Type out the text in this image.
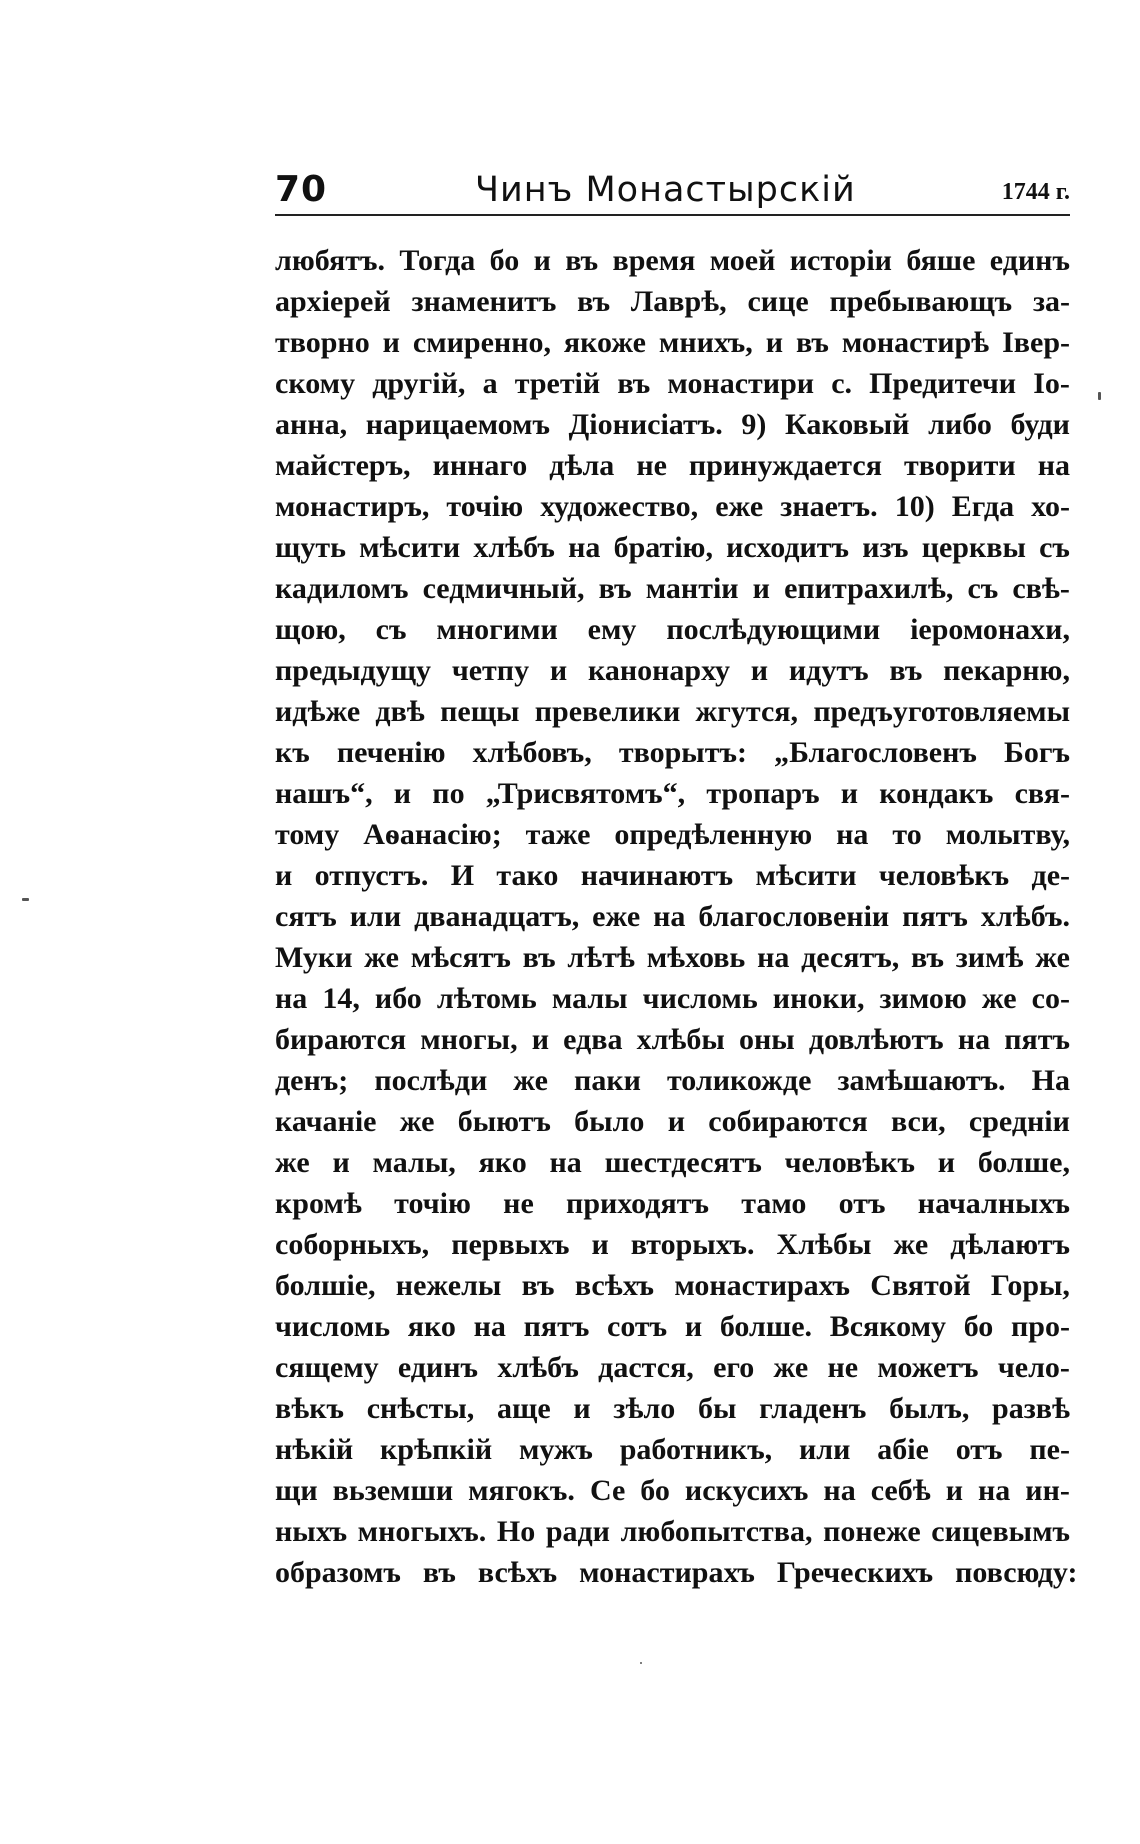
70	Чинъ Монастырскій	1744 г.
любятъ. Тогда бо и въ время моей исторіи бяше единъ
архіерей знаменитъ въ Лаврѣ, сице пребывающъ за-
творно и смиренно, якоже мнихъ, и въ монастирѣ Івер-
скому другій, а третій въ монастири с. Предитечи Іо-
анна, нарицаемомъ Діонисіатъ. 9) Каковый либо буди
майстеръ, иннаго дѣла не принуждается творити на
монастиръ, точію художество, еже знаетъ. 10) Егда хо-
щуть мѣсити хлѣбъ на братію, исходитъ изъ церквы съ
кадиломъ седмичный, въ мантіи и епитрахилѣ, съ свѣ-
щою, съ многими ему послѣдующими іеромонахи,
предыдущу четпу и канонарху и идутъ въ пекарню,
идѣже двѣ пещы превелики жгутся, предъуготовляемы
къ печенію хлѣбовъ, творытъ: „Благословенъ Богъ
нашъ“, и по „Трисвятомъ“, тропаръ и кондакъ свя-
тому Аѳанасію; таже опредѣленную на то молытву,
и отпустъ. И тако начинаютъ мѣсити человѣкъ де-
сятъ или дванадцатъ, еже на благословеніи пятъ хлѣбъ.
Муки же мѣсятъ въ лѣтѣ мѣховь на десятъ, въ зимѣ же
на 14, ибо лѣтомь малы числомь иноки, зимою же со-
бираются многы, и едва хлѣбы оны довлѣютъ на пятъ
денъ; послѣди же паки толикожде замѣшаютъ. На
качаніе же быютъ было и собираются вси, средніи
же и малы, яко на шестдесятъ человѣкъ и болше,
кромѣ точію не приходятъ тамо отъ началныхъ
соборныхъ, первыхъ и вторыхъ. Хлѣбы же дѣлаютъ
болшіе, нежелы въ всѣхъ монастирахъ Святой Горы,
числомь яко на пятъ сотъ и болше. Всякому бо про-
сящему единъ хлѣбъ дастся, его же не можетъ чело-
вѣкъ снѣсты, аще и зѣло бы гладенъ былъ, развѣ
нѣкій крѣпкій мужъ работникъ, или абіе отъ пе-
щи вьземши мягокъ. Се бо искусихъ на себѣ и на ин-
ныхъ многыхъ. Но ради любопытства, понеже сицевымъ
образомъ въ всѣхъ монастирахъ Греческихъ повсюду:
